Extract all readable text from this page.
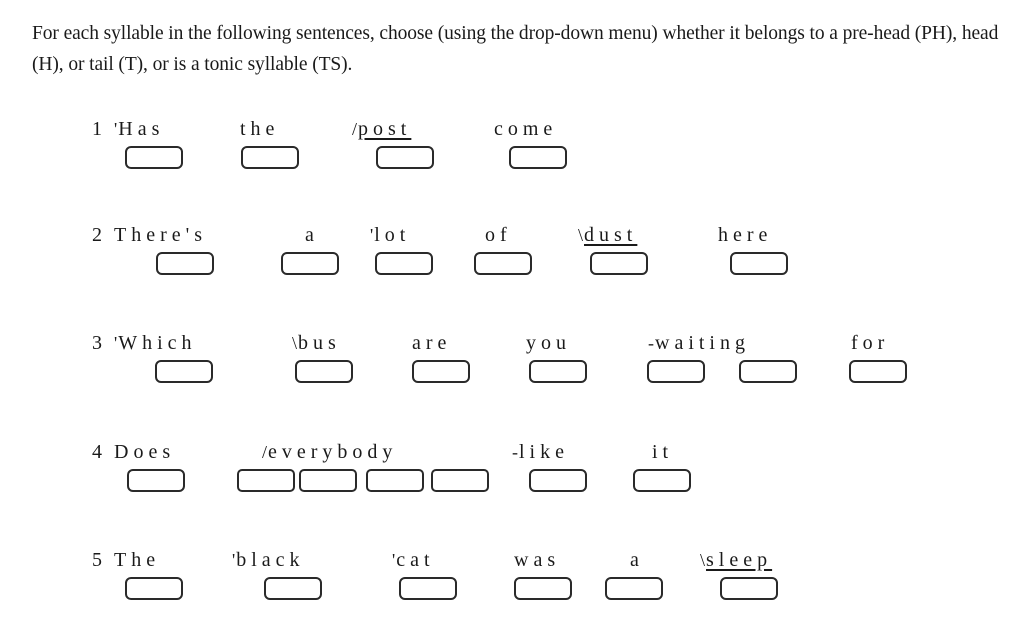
For each syllable in the following sentences, choose (using the drop-down menu) whether it belongs to a pre-head (PH), head (H), or tail (T), or is a tonic syllable (TS).
1 'Has	the	/post	come
2 There's	a	'lot	of	\dust	here
3 'Which	\bus	are	you	-waiting	for
4 Does	/everybody	-like	it
5 The	'black	'cat	was	a	\sleep
